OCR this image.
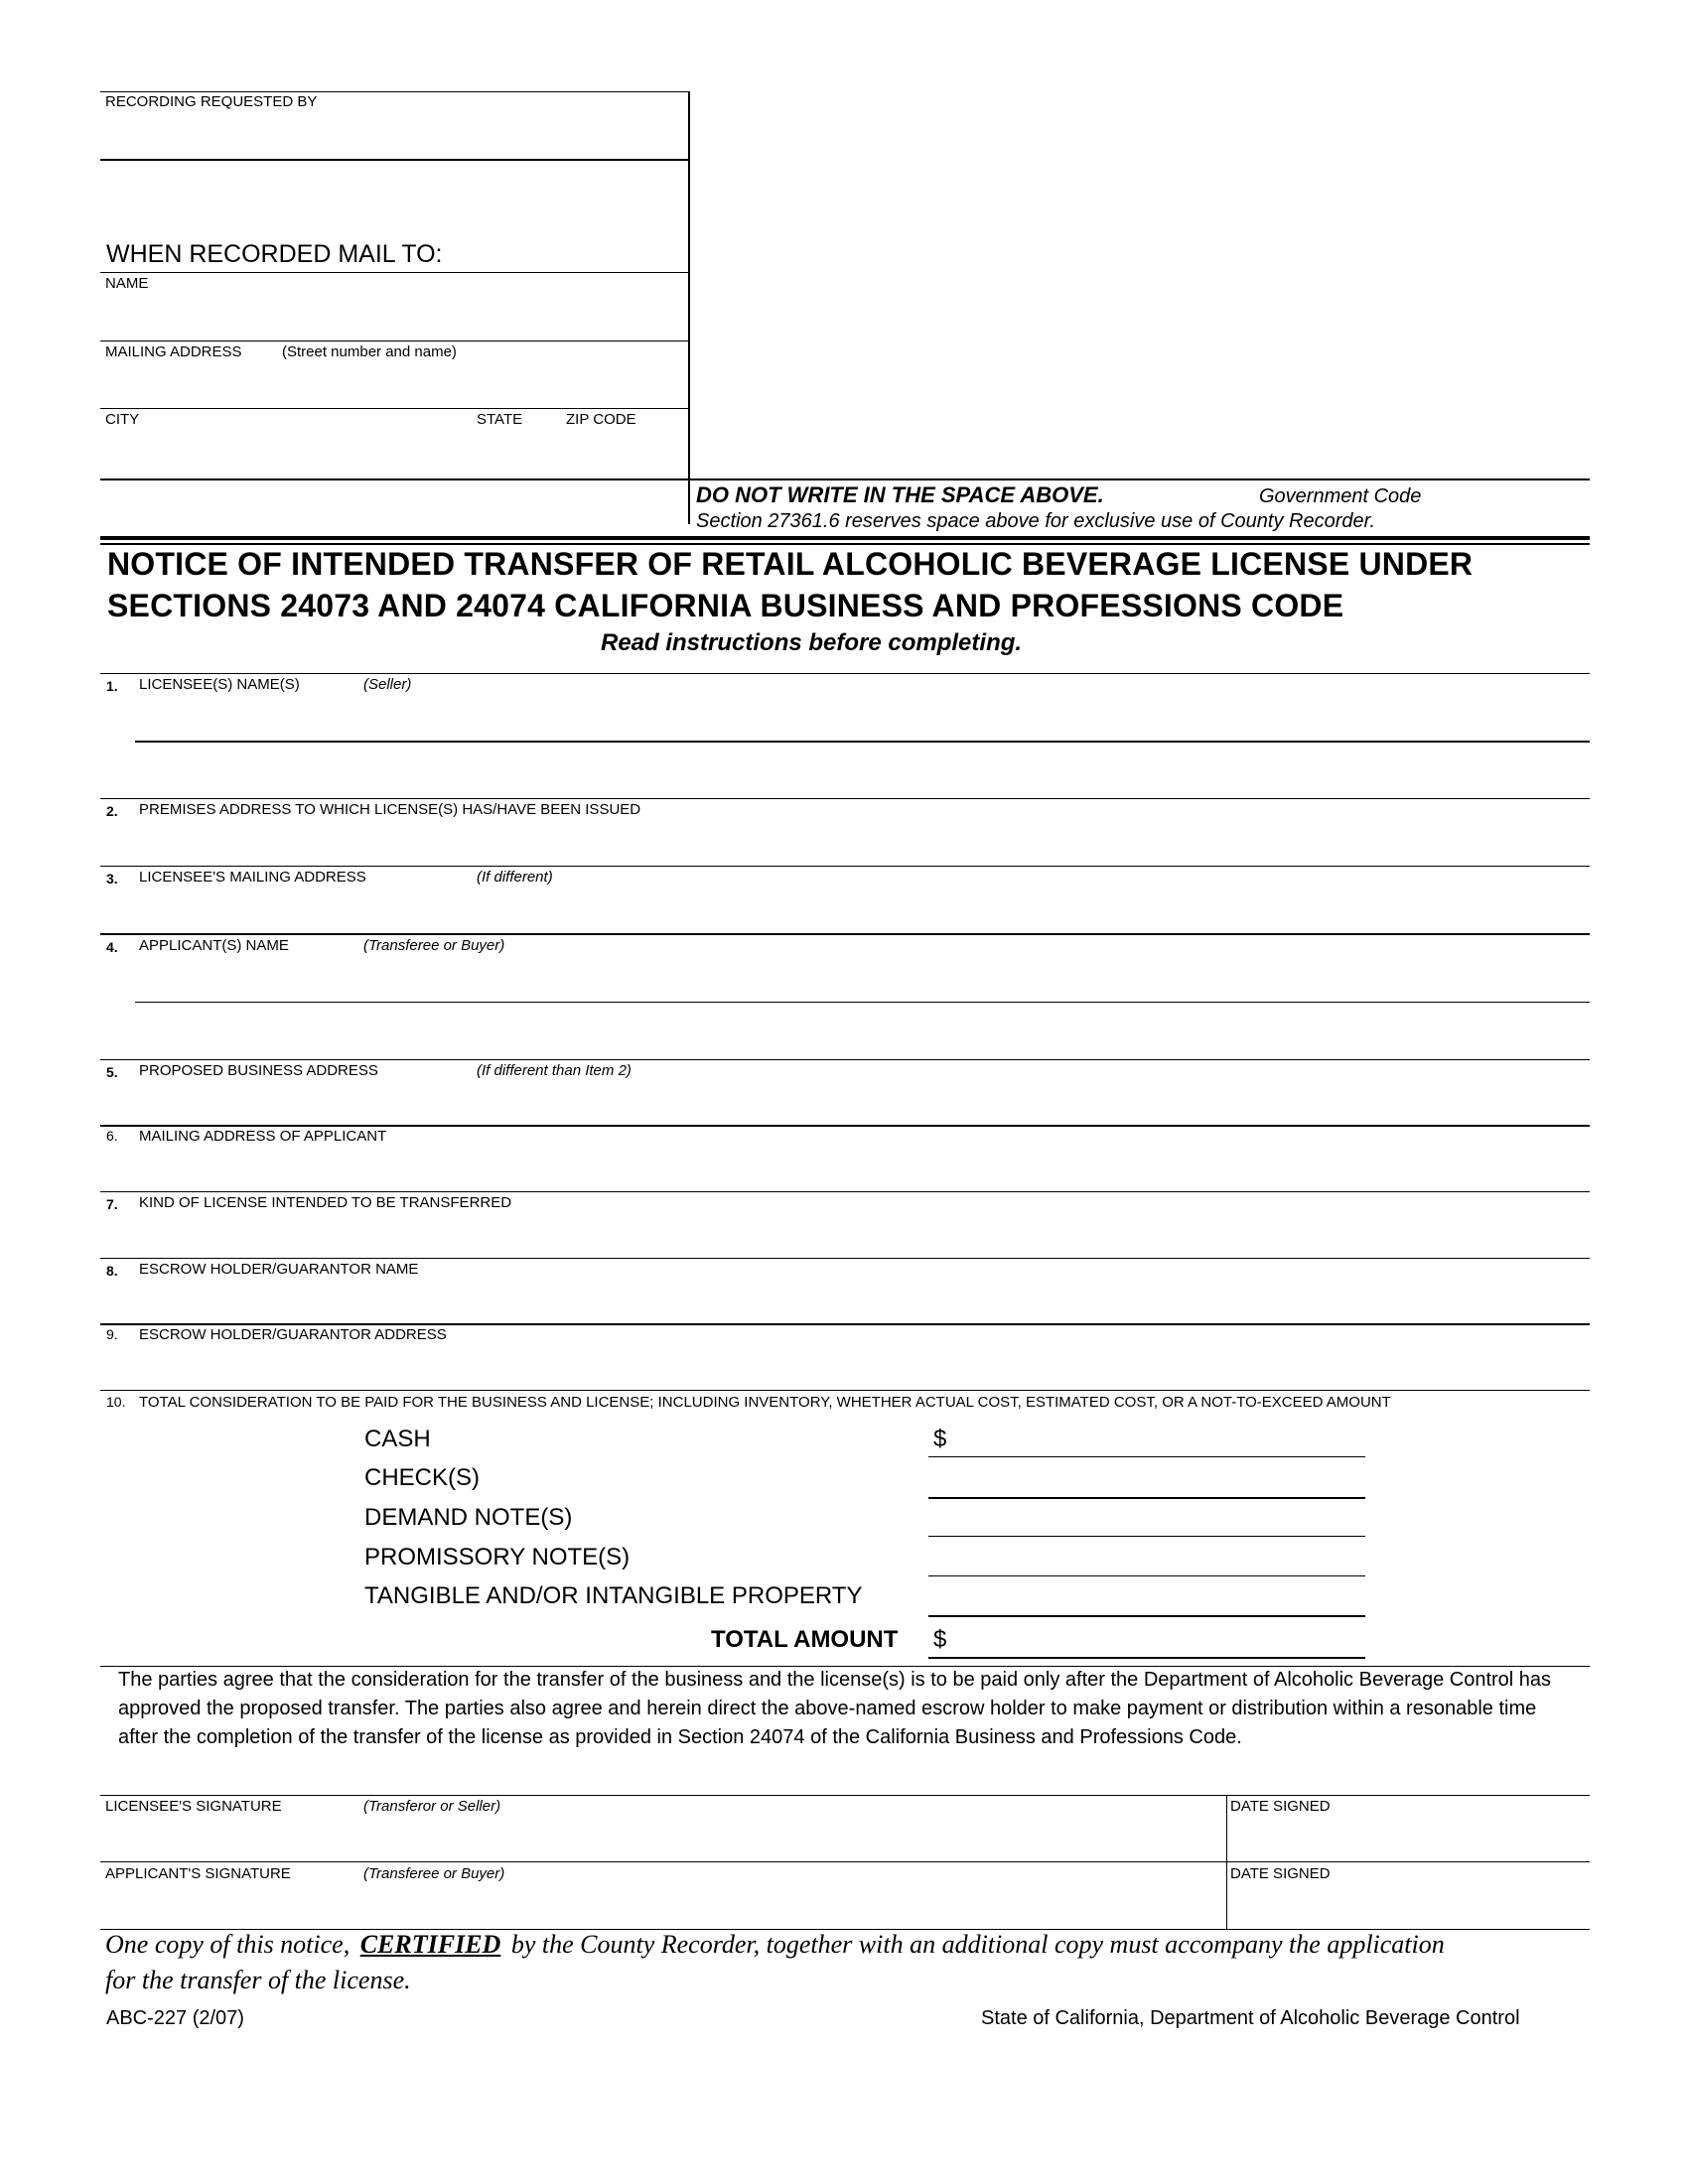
RECORDING REQUESTED BY
WHEN RECORDED MAIL TO:
NAME
MAILING ADDRESS	(Street number and name)
CITY	STATE	ZIP CODE
DO NOT WRITE IN THE SPACE ABOVE.	Government Code
Section 27361.6 reserves space above for exclusive use of County Recorder.
NOTICE OF INTENDED TRANSFER OF RETAIL ALCOHOLIC BEVERAGE LICENSE UNDER
SECTIONS 24073 AND 24074 CALIFORNIA BUSINESS AND PROFESSIONS CODE
Read instructions before completing.
1. LICENSEE(S) NAME(S)	(Seller)
2. PREMISES ADDRESS TO WHICH LICENSE(S) HAS/HAVE BEEN ISSUED
3. LICENSEE'S MAILING ADDRESS	(If different)
4. APPLICANT(S) NAME	(Transferee or Buyer)
5. PROPOSED BUSINESS ADDRESS	(If different than Item 2)
6. MAILING ADDRESS OF APPLICANT
7. KIND OF LICENSE INTENDED TO BE TRANSFERRED
8. ESCROW HOLDER/GUARANTOR NAME
9. ESCROW HOLDER/GUARANTOR ADDRESS
10. TOTAL CONSIDERATION TO BE PAID FOR THE BUSINESS AND LICENSE; INCLUDING INVENTORY, WHETHER ACTUAL COST, ESTIMATED COST, OR A NOT-TO-EXCEED AMOUNT
CASH	$
CHECK(S)
DEMAND NOTE(S)
PROMISSORY NOTE(S)
TANGIBLE AND/OR INTANGIBLE PROPERTY
TOTAL AMOUNT $
The parties agree that the consideration for the transfer of the business and the license(s) is to be paid only after the Department of Alcoholic Beverage Control has approved the proposed transfer. The parties also agree and herein direct the above-named escrow holder to make payment or distribution within a resonable time after the completion of the transfer of the license as provided in Section 24074 of the California Business and Professions Code.
LICENSEE'S SIGNATURE	(Transferor or Seller)	DATE SIGNED
APPLICANT'S SIGNATURE	(Transferee or Buyer)	DATE SIGNED
One copy of this notice, CERTIFIED by the County Recorder, together with an additional copy must accompany the application
for the transfer of the license.
ABC-227 (2/07)	State of California, Department of Alcoholic Beverage Control
